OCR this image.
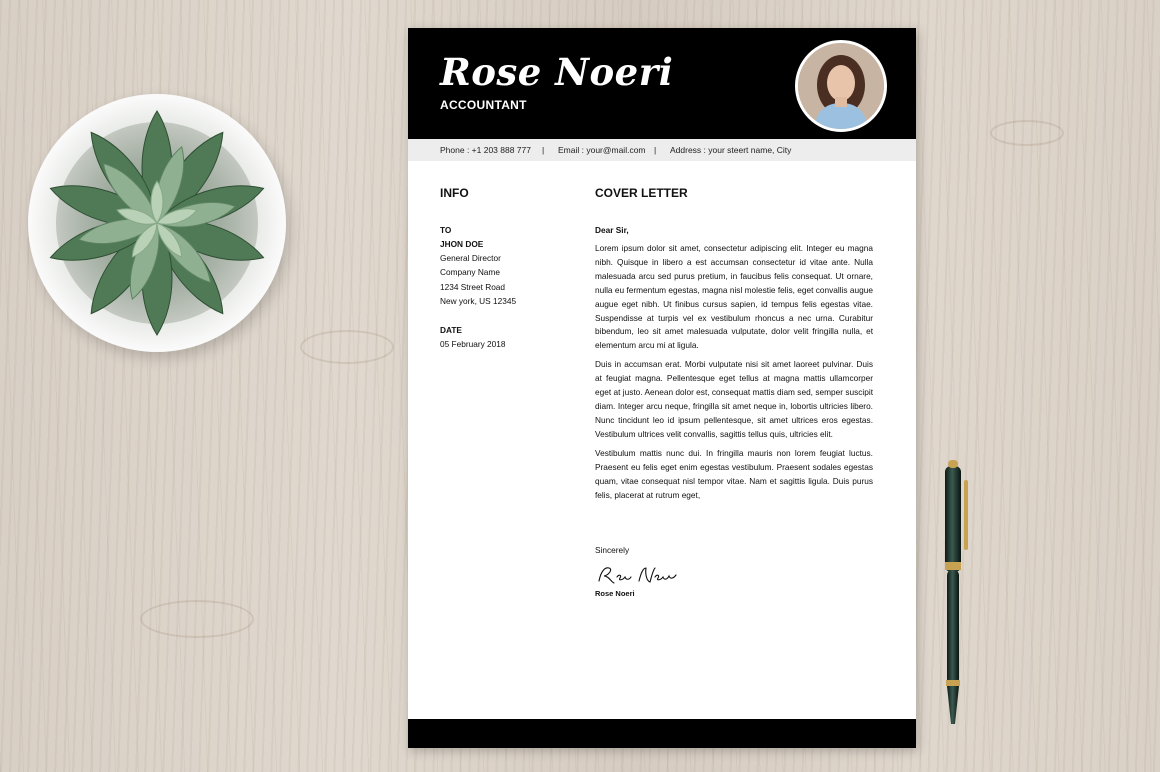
Rose Noeri
ACCOUNTANT
Phone : +1 203 888 777 | Email : your@mail.com | Address : your steert name, City
INFO
TO
JHON DOE
General Director
Company Name
1234 Street Road
New york, US 12345
DATE
05 February 2018
COVER LETTER
Dear Sir,
Lorem ipsum dolor sit amet, consectetur adipiscing elit. Integer eu magna nibh. Quisque in libero a est accumsan consectetur id vitae ante. Nulla malesuada arcu sed purus pretium, in faucibus felis consequat. Ut ornare, nulla eu fermentum egestas, magna nisl molestie felis, eget convallis augue augue eget nibh. Ut finibus cursus sapien, id tempus felis egestas vitae. Suspendisse at turpis vel ex vestibulum rhoncus a nec urna. Curabitur bibendum, leo sit amet malesuada vulputate, dolor velit fringilla nulla, et elementum arcu mi at ligula.
Duis in accumsan erat. Morbi vulputate nisi sit amet laoreet pulvinar. Duis at feugiat magna. Pellentesque eget tellus at magna mattis ullamcorper eget at justo. Aenean dolor est, consequat mattis diam sed, semper suscipit diam. Integer arcu neque, fringilla sit amet neque in, lobortis ultricies libero. Nunc tincidunt leo id ipsum pellentesque, sit amet ultrices eros egestas. Vestibulum ultrices velit convallis, sagittis tellus quis, ultricies elit.
Vestibulum mattis nunc dui. In fringilla mauris non lorem feugiat luctus. Praesent eu felis eget enim egestas vestibulum. Praesent sodales egestas quam, vitae consequat nisl tempor vitae. Nam et sagittis ligula. Duis purus felis, placerat at rutrum eget,
Sincerely
Rose Noeri
